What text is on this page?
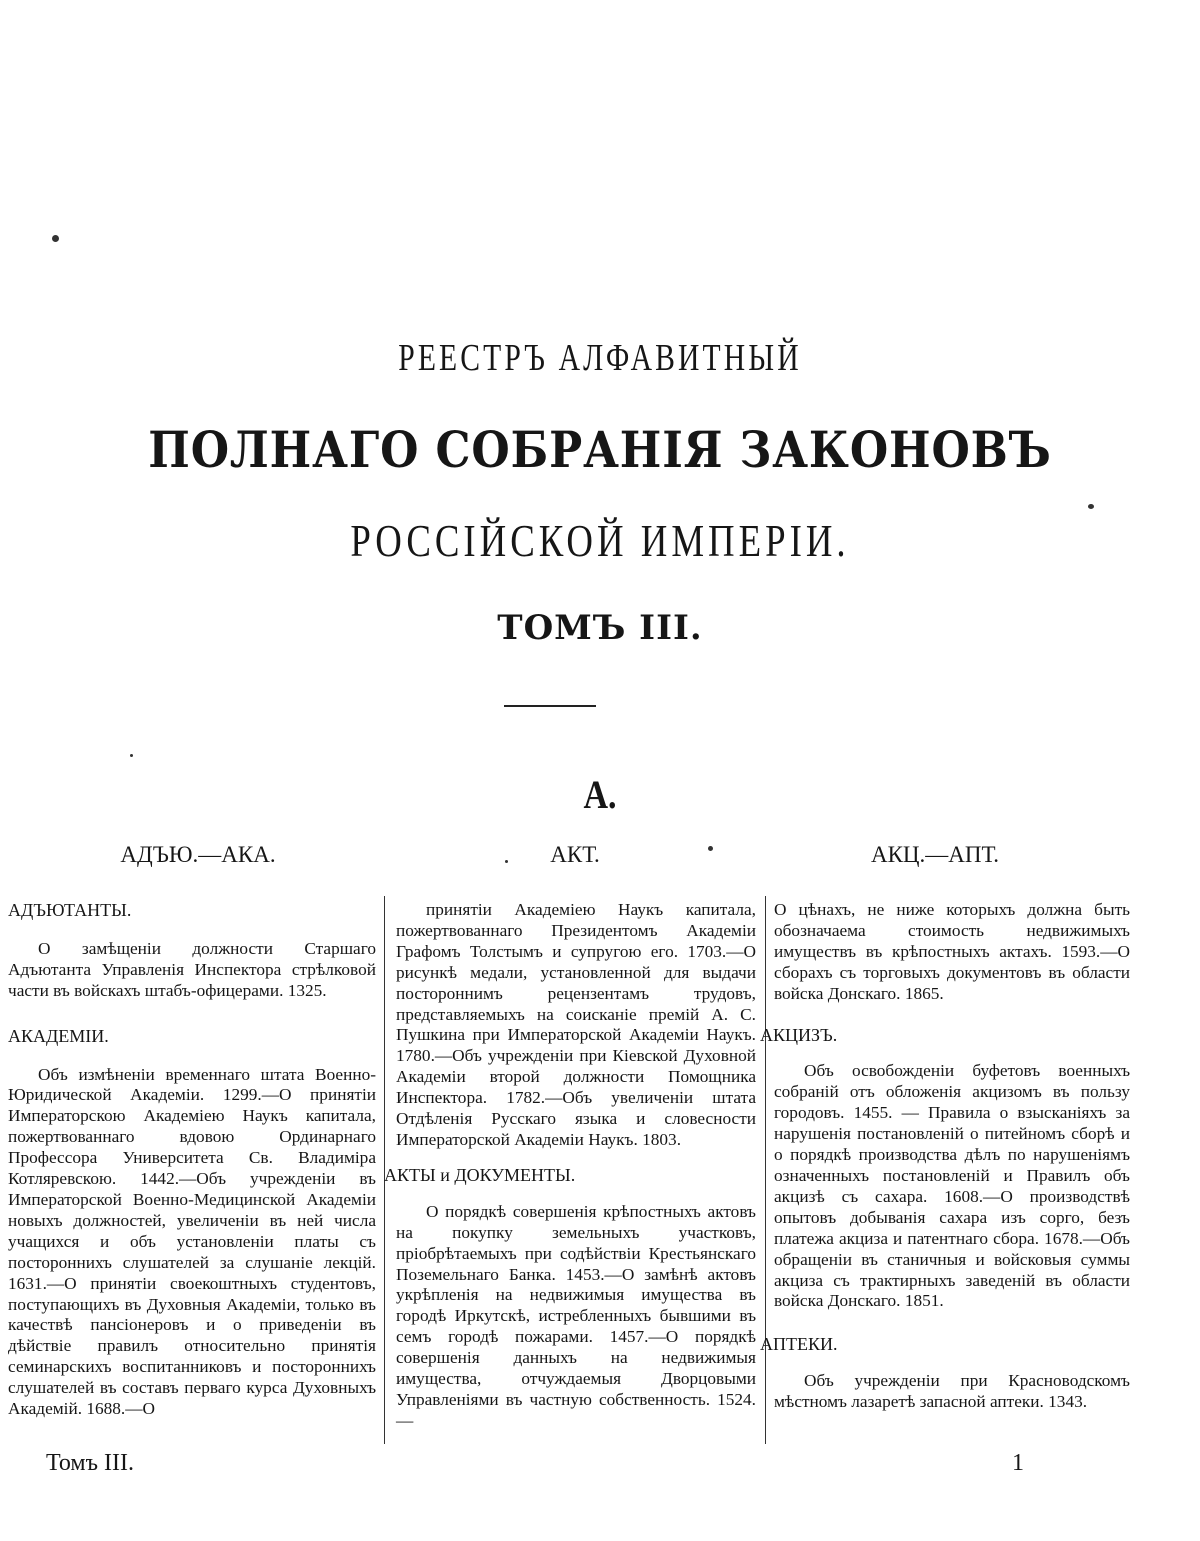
РЕЕСТРЪ АЛФАВИТНЫЙ
ПОЛНАГО СОБРАНІЯ ЗАКОНОВЪ
РОССІЙСКОЙ ИМПЕРІИ.
ТОМЪ III.
А.
АДЪЮ.—АКА.	АКТ.	АКЦ.—АПТ.

АДЪЮТАНТЫ.

О замѣщеніи должности Старшаго Адъютанта Управленія Инспектора стрѣлковой части въ войскахъ штабъ-офицерами. 1325.

АКАДЕМІИ.

Объ измѣненіи временнаго штата Военно-Юридической Академіи. 1299.—О принятіи Императорскою Академіею Наукъ капитала, пожертвованнаго вдовою Ординарнаго Профессора Университета Св. Владиміра Котляревскою. 1442.—Объ учрежденіи въ Императорской Военно-Медицинской Академіи новыхъ должностей, увеличеніи въ ней числа учащихся и объ установленіи платы съ постороннихъ слушателей за слушаніе лекцій. 1631.—О принятіи своекоштныхъ студентовъ, поступающихъ въ Духовныя Академіи, только въ качествѣ пансіонеровъ и о приведеніи въ дѣйствіе правилъ относительно принятія семинарскихъ воспитанниковъ и постороннихъ слушателей въ составъ перваго курса Духовныхъ Академій. 1688.—О

принятіи Академіею Наукъ капитала, пожертвованнаго Президентомъ Академіи Графомъ Толстымъ и супругою его. 1703.—О рисункѣ медали, установленной для выдачи постороннимъ рецензентамъ трудовъ, представляемыхъ на соисканіе премій А. С. Пушкина при Императорской Академіи Наукъ. 1780.—Объ учрежденіи при Кіевской Духовной Академіи второй должности Помощника Инспектора. 1782.—Объ увеличеніи штата Отдѣленія Русскаго языка и словесности Императорской Академіи Наукъ. 1803.

АКТЫ и ДОКУМЕНТЫ.

О порядкѣ совершенія крѣпостныхъ актовъ на покупку земельныхъ участковъ, пріобрѣтаемыхъ при содѣйствіи Крестьянскаго Поземельнаго Банка. 1453.—О замѣнѣ актовъ укрѣпленія на недвижимыя имущества въ городѣ Иркутскѣ, истребленныхъ бывшими въ семъ городѣ пожарами. 1457.—О порядкѣ совершенія данныхъ на недвижимыя имущества, отчуждаемыя Дворцовыми Управленіями въ частную собственность. 1524.—

О цѣнахъ, не ниже которыхъ должна быть обозначаема стоимость недвижимыхъ имуществъ въ крѣпостныхъ актахъ. 1593.—О сборахъ съ торговыхъ документовъ въ области войска Донскаго. 1865.

АКЦИЗЪ.

Объ освобожденіи буфетовъ военныхъ собраній отъ обложенія акцизомъ въ пользу городовъ. 1455. — Правила о взысканіяхъ за нарушенія постановленій о питейномъ сборѣ и о порядкѣ производства дѣлъ по нарушеніямъ означенныхъ постановленій и Правилъ объ акцизѣ съ сахара. 1608.—О производствѣ опытовъ добыванія сахара изъ сорго, безъ платежа акциза и патентнаго сбора. 1678.—Объ обращеніи въ станичныя и войсковыя суммы акциза съ трактирныхъ заведеній въ области войска Донскаго. 1851.

АПТЕКИ.

Объ учрежденіи при Красноводскомъ мѣстномъ лазаретѣ запасной аптеки. 1343.

Томъ III.	1
